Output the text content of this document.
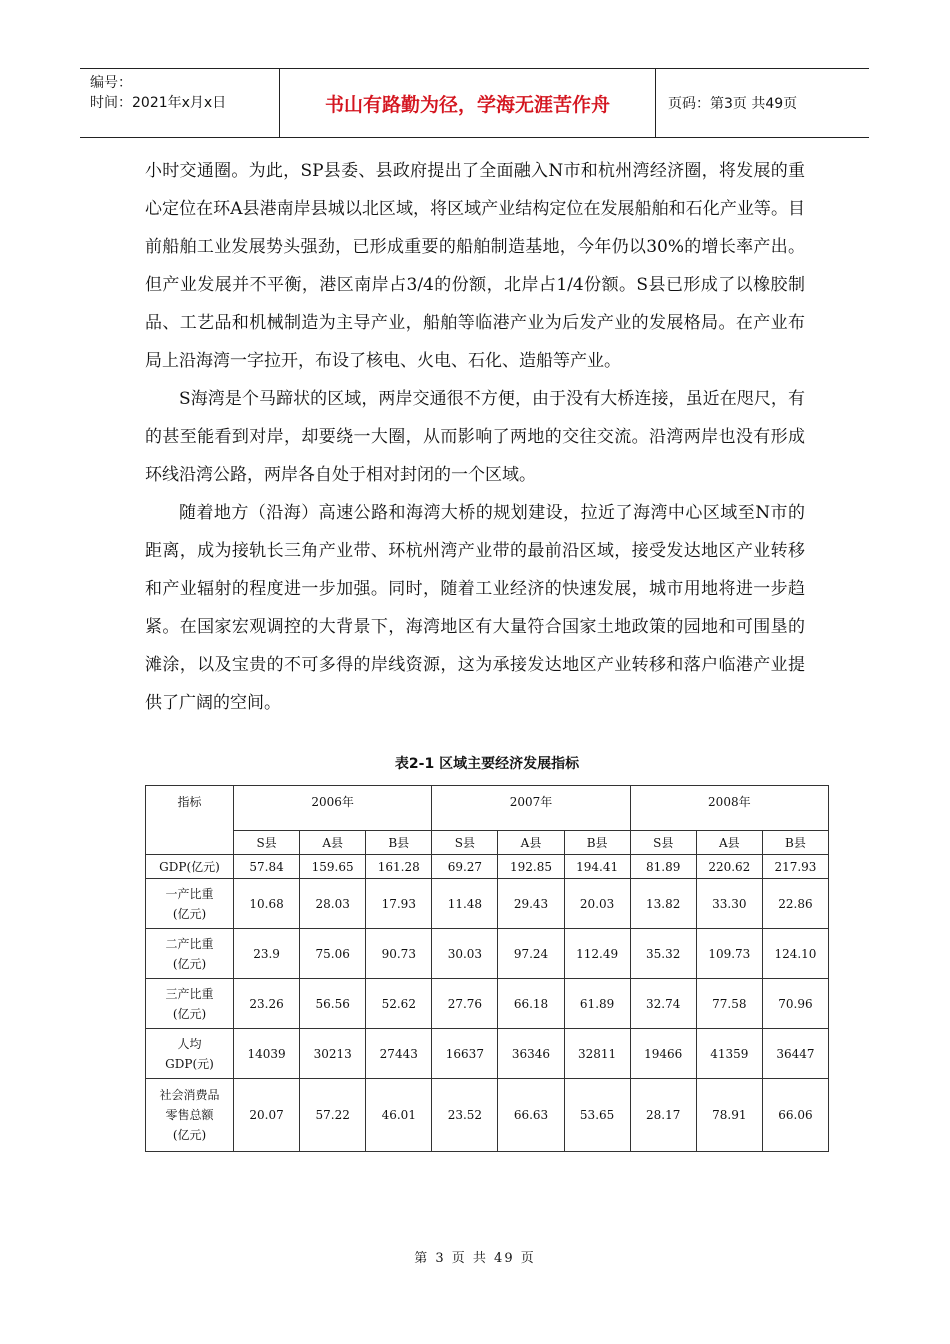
编号：
时间：2021年x月x日	书山有路勤为径，学海无涯苦作舟	页码：第3页 共49页

小时交通圈。为此，SP县委、县政府提出了全面融入N市和杭州湾经济圈，将发展的重心定位在环A县港南岸县城以北区域，将区域产业结构定位在发展船舶和石化产业等。目前船舶工业发展势头强劲，已形成重要的船舶制造基地，今年仍以30%的增长率产出。但产业发展并不平衡，港区南岸占3/4的份额，北岸占1/4份额。S县已形成了以橡胶制品、工艺品和机械制造为主导产业，船舶等临港产业为后发产业的发展格局。在产业布局上沿海湾一字拉开，布设了核电、火电、石化、造船等产业。

S海湾是个马蹄状的区域，两岸交通很不方便，由于没有大桥连接，虽近在咫尺，有的甚至能看到对岸，却要绕一大圈，从而影响了两地的交往交流。沿湾两岸也没有形成环线沿湾公路，两岸各自处于相对封闭的一个区域。

随着地方（沿海）高速公路和海湾大桥的规划建设，拉近了海湾中心区域至N市的距离，成为接轨长三角产业带、环杭州湾产业带的最前沿区域，接受发达地区产业转移和产业辐射的程度进一步加强。同时，随着工业经济的快速发展，城市用地将进一步趋紧。在国家宏观调控的大背景下，海湾地区有大量符合国家土地政策的园地和可围垦的滩涂，以及宝贵的不可多得的岸线资源，这为承接发达地区产业转移和落户临港产业提供了广阔的空间。

表2-1 区域主要经济发展指标
指标	2006年			2007年			2008年		
	S县	A县	B县	S县	A县	B县	S县	A县	B县
GDP(亿元)	57.84	159.65	161.28	69.27	192.85	194.41	81.89	220.62	217.93
一产比重
(亿元)	10.68	28.03	17.93	11.48	29.43	20.03	13.82	33.30	22.86
二产比重
(亿元)	23.9	75.06	90.73	30.03	97.24	112.49	35.32	109.73	124.10
三产比重
(亿元)	23.26	56.56	52.62	27.76	66.18	61.89	32.74	77.58	70.96
人均
GDP(元)	14039	30213	27443	16637	36346	32811	19466	41359	36447
社会消费品
零售总额
(亿元)	20.07	57.22	46.01	23.52	66.63	53.65	28.17	78.91	66.06
第 3 页 共 49 页
